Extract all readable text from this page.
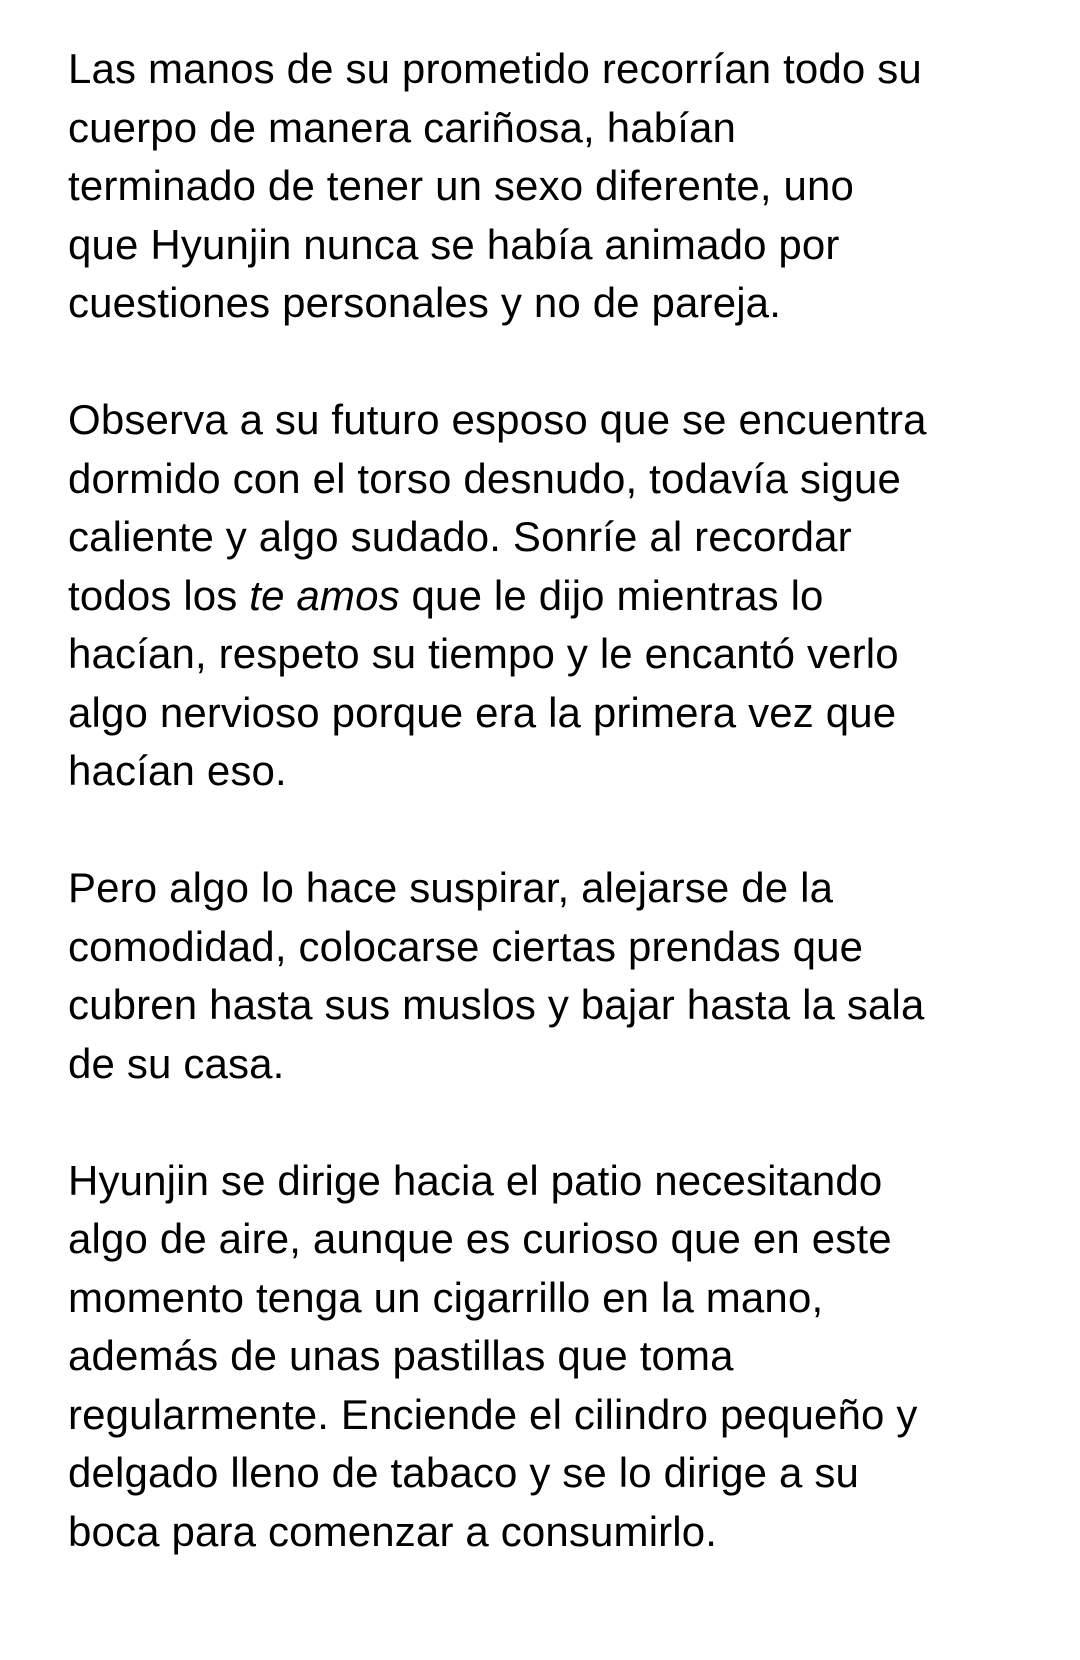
Las manos de su prometido recorrían todo su
cuerpo de manera cariñosa, habían
terminado de tener un sexo diferente, uno
que Hyunjin nunca se había animado por
cuestiones personales y no de pareja.
Observa a su futuro esposo que se encuentra
dormido con el torso desnudo, todavía sigue
caliente y algo sudado. Sonríe al recordar
todos los te amos que le dijo mientras lo
hacían, respeto su tiempo y le encantó verlo
algo nervioso porque era la primera vez que
hacían eso.
Pero algo lo hace suspirar, alejarse de la
comodidad, colocarse ciertas prendas que
cubren hasta sus muslos y bajar hasta la sala
de su casa.
Hyunjin se dirige hacia el patio necesitando
algo de aire, aunque es curioso que en este
momento tenga un cigarrillo en la mano,
además de unas pastillas que toma
regularmente. Enciende el cilindro pequeño y
delgado lleno de tabaco y se lo dirige a su
boca para comenzar a consumirlo.
